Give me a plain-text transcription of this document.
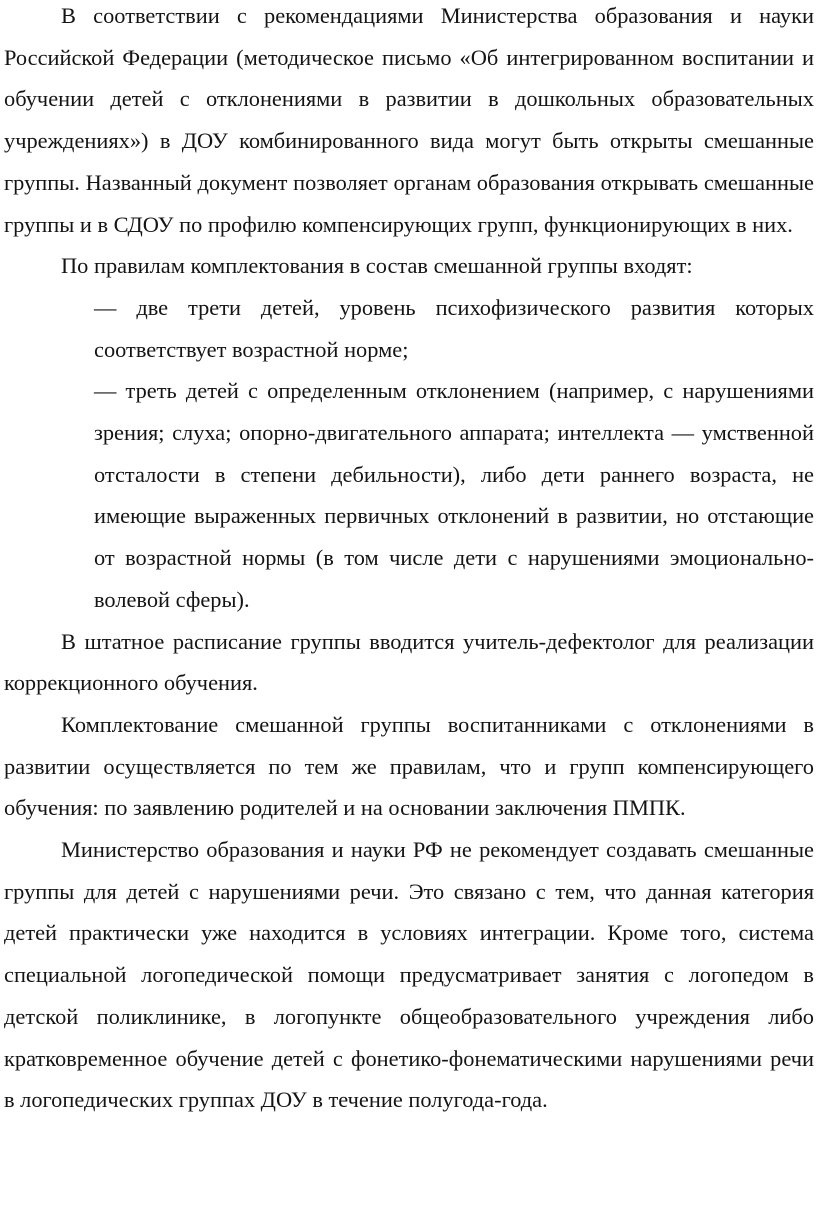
В соответствии с рекомендациями Министерства образования и науки Российской Федерации (методическое письмо «Об интегрированном воспитании и обучении детей с отклонениями в развитии в дошкольных образовательных учреждениях») в ДОУ комбинированного вида могут быть открыты смешанные группы. Названный документ позволяет органам образования открывать смешанные группы и в СДОУ по профилю компенсирующих групп, функционирующих в них.

По правилам комплектования в состав смешанной группы входят:

— две трети детей, уровень психофизического развития которых соответствует возрастной норме;

— треть детей с определенным отклонением (например, с нарушениями зрения; слуха; опорно-двигательного аппарата; интеллекта — умственной отсталости в степени дебильности), либо дети раннего возраста, не имеющие выраженных первичных отклонений в развитии, но отстающие от возрастной нормы (в том числе дети с нарушениями эмоционально-волевой сферы).

В штатное расписание группы вводится учитель-дефектолог для реализации коррекционного обучения.

Комплектование смешанной группы воспитанниками с отклонениями в развитии осуществляется по тем же правилам, что и групп компенсирующего обучения: по заявлению родителей и на основании заключения ПМПК.

Министерство образования и науки РФ не рекомендует создавать смешанные группы для детей с нарушениями речи. Это связано с тем, что данная категория детей практически уже находится в условиях интеграции. Кроме того, система специальной логопедической помощи предусматривает занятия с логопедом в детской поликлинике, в логопункте общеобразовательного учреждения либо кратковременное обучение детей с фонетико-фонематическими нарушениями речи в логопедических группах ДОУ в течение полугода-года.
